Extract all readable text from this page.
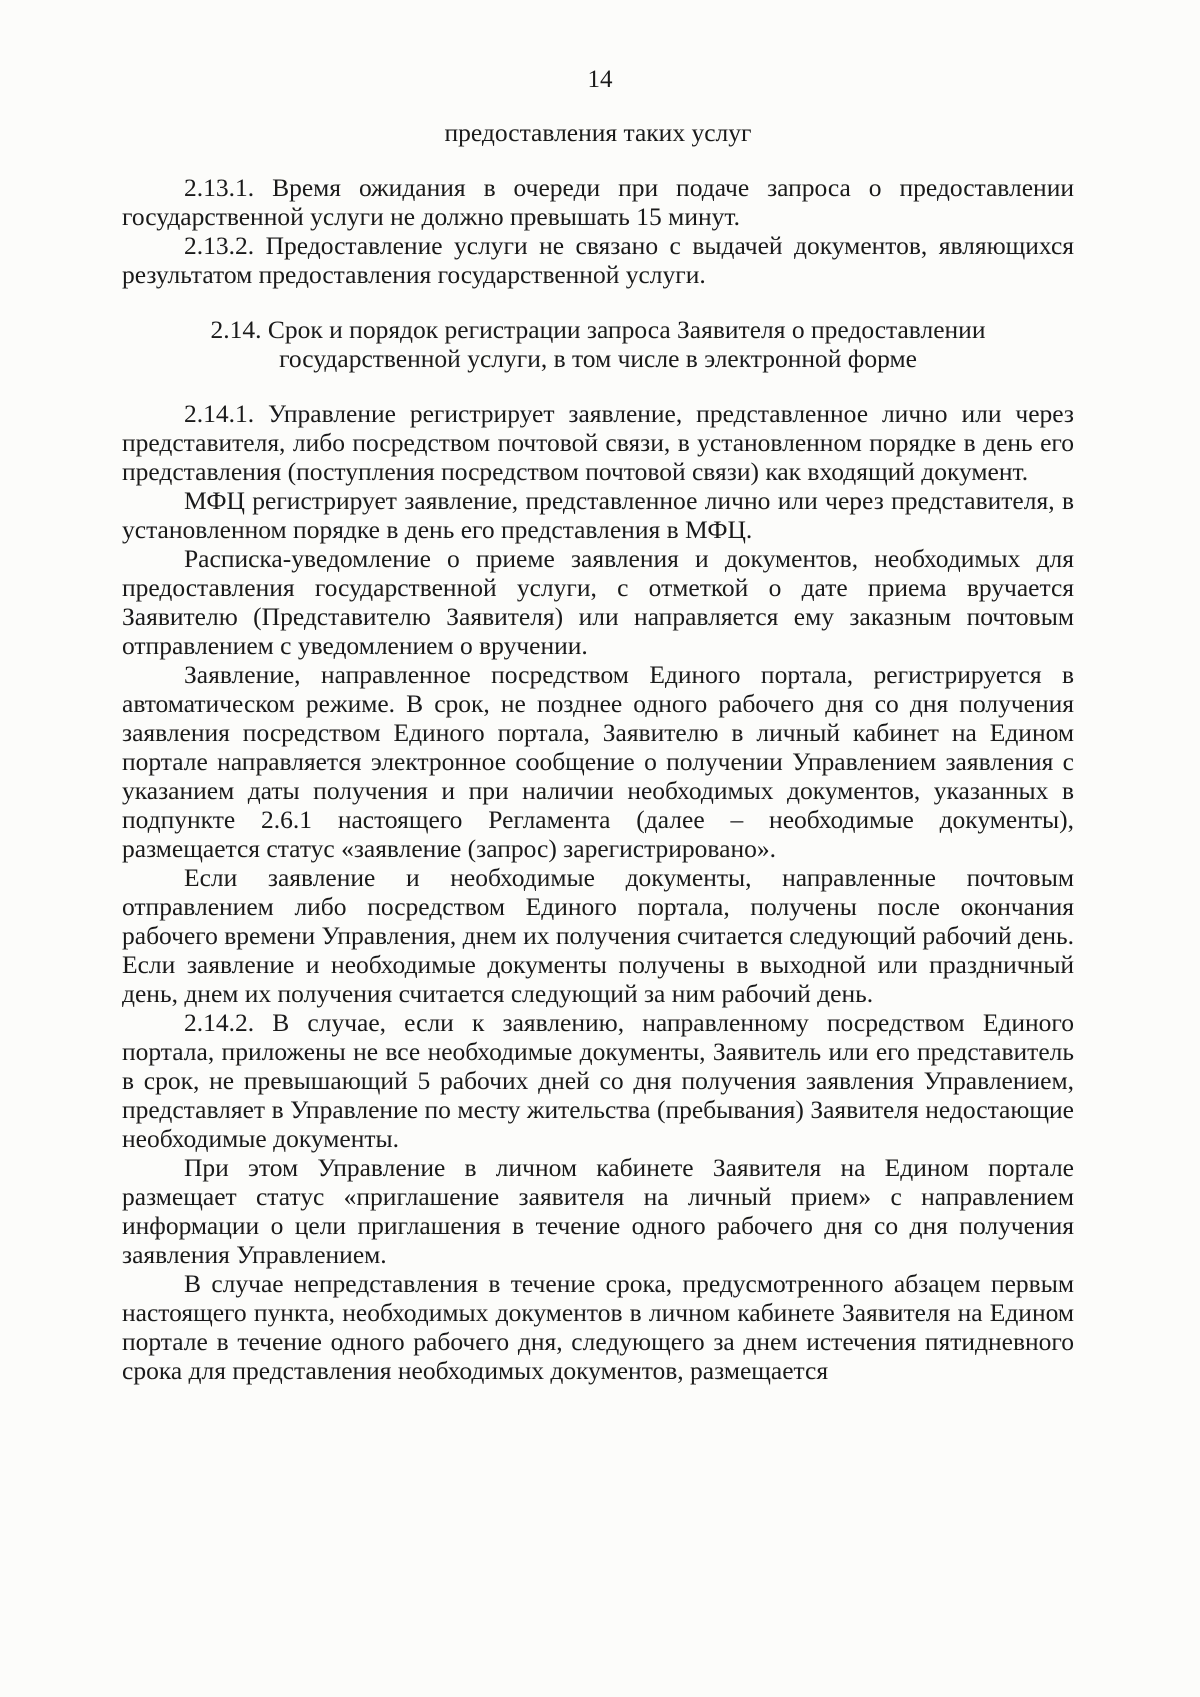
14

предоставления таких услуг

2.13.1. Время ожидания в очереди при подаче запроса о предоставлении государственной услуги не должно превышать 15 минут.

2.13.2. Предоставление услуги не связано с выдачей документов, являющихся результатом предоставления государственной услуги.

2.14. Срок и порядок регистрации запроса Заявителя о предоставлении государственной услуги, в том числе в электронной форме

2.14.1. Управление регистрирует заявление, представленное лично или через представителя, либо посредством почтовой связи, в установленном порядке в день его представления (поступления посредством почтовой связи) как входящий документ.

МФЦ регистрирует заявление, представленное лично или через представителя, в установленном порядке в день его представления в МФЦ.

Расписка-уведомление о приеме заявления и документов, необходимых для предоставления государственной услуги, с отметкой о дате приема вручается Заявителю (Представителю Заявителя) или направляется ему заказным почтовым отправлением с уведомлением о вручении.

Заявление, направленное посредством Единого портала, регистрируется в автоматическом режиме. В срок, не позднее одного рабочего дня со дня получения заявления посредством Единого портала, Заявителю в личный кабинет на Едином портале направляется электронное сообщение о получении Управлением заявления с указанием даты получения и при наличии необходимых документов, указанных в подпункте 2.6.1 настоящего Регламента (далее – необходимые документы), размещается статус «заявление (запрос) зарегистрировано».

Если заявление и необходимые документы, направленные почтовым отправлением либо посредством Единого портала, получены после окончания рабочего времени Управления, днем их получения считается следующий рабочий день. Если заявление и необходимые документы получены в выходной или праздничный день, днем их получения считается следующий за ним рабочий день.

2.14.2. В случае, если к заявлению, направленному посредством Единого портала, приложены не все необходимые документы, Заявитель или его представитель в срок, не превышающий 5 рабочих дней со дня получения заявления Управлением, представляет в Управление по месту жительства (пребывания) Заявителя недостающие необходимые документы.

При этом Управление в личном кабинете Заявителя на Едином портале размещает статус «приглашение заявителя на личный прием» с направлением информации о цели приглашения в течение одного рабочего дня со дня получения заявления Управлением.

В случае непредставления в течение срока, предусмотренного абзацем первым настоящего пункта, необходимых документов в личном кабинете Заявителя на Едином портале в течение одного рабочего дня, следующего за днем истечения пятидневного срока для представления необходимых документов, размещается
